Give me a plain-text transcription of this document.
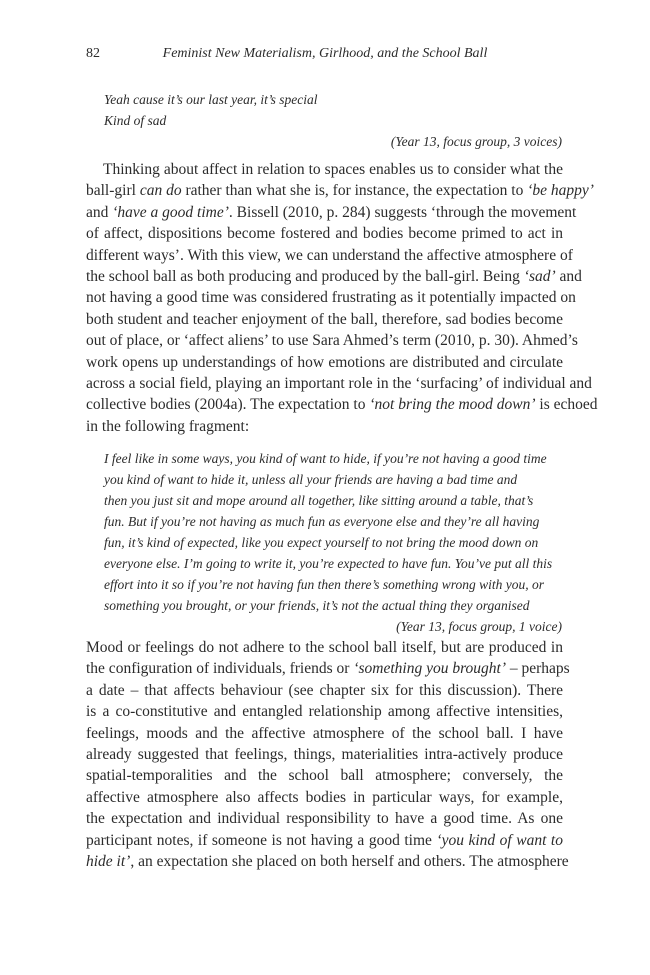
82	Feminist New Materialism, Girlhood, and the School Ball
Yeah cause it’s our last year, it’s special
Kind of sad
(Year 13, focus group, 3 voices)
Thinking about affect in relation to spaces enables us to consider what the
ball-girl can do rather than what she is, for instance, the expectation to ‘be happy’
and ‘have a good time’. Bissell (2010, p. 284) suggests ‘through the movement
of affect, dispositions become fostered and bodies become primed to act in
different ways’. With this view, we can understand the affective atmosphere of
the school ball as both producing and produced by the ball-girl. Being ‘sad’ and
not having a good time was considered frustrating as it potentially impacted on
both student and teacher enjoyment of the ball, therefore, sad bodies become
out of place, or ‘affect aliens’ to use Sara Ahmed’s term (2010, p. 30). Ahmed’s
work opens up understandings of how emotions are distributed and circulate
across a social field, playing an important role in the ‘surfacing’ of individual and
collective bodies (2004a). The expectation to ‘not bring the mood down’ is echoed
in the following fragment:
I feel like in some ways, you kind of want to hide, if you’re not having a good time
you kind of want to hide it, unless all your friends are having a bad time and
then you just sit and mope around all together, like sitting around a table, that’s
fun. But if you’re not having as much fun as everyone else and they’re all having
fun, it’s kind of expected, like you expect yourself to not bring the mood down on
everyone else. I’m going to write it, you’re expected to have fun. You’ve put all this
effort into it so if you’re not having fun then there’s something wrong with you, or
something you brought, or your friends, it’s not the actual thing they organised
(Year 13, focus group, 1 voice)
Mood or feelings do not adhere to the school ball itself, but are produced in
the configuration of individuals, friends or ‘something you brought’ – perhaps
a date – that affects behaviour (see chapter six for this discussion). There
is a co-constitutive and entangled relationship among affective intensities,
feelings, moods and the affective atmosphere of the school ball. I have
already suggested that feelings, things, materialities intra-actively produce
spatial-temporalities and the school ball atmosphere; conversely, the
affective atmosphere also affects bodies in particular ways, for example,
the expectation and individual responsibility to have a good time. As one
participant notes, if someone is not having a good time ‘you kind of want to
hide it’, an expectation she placed on both herself and others. The atmosphere
